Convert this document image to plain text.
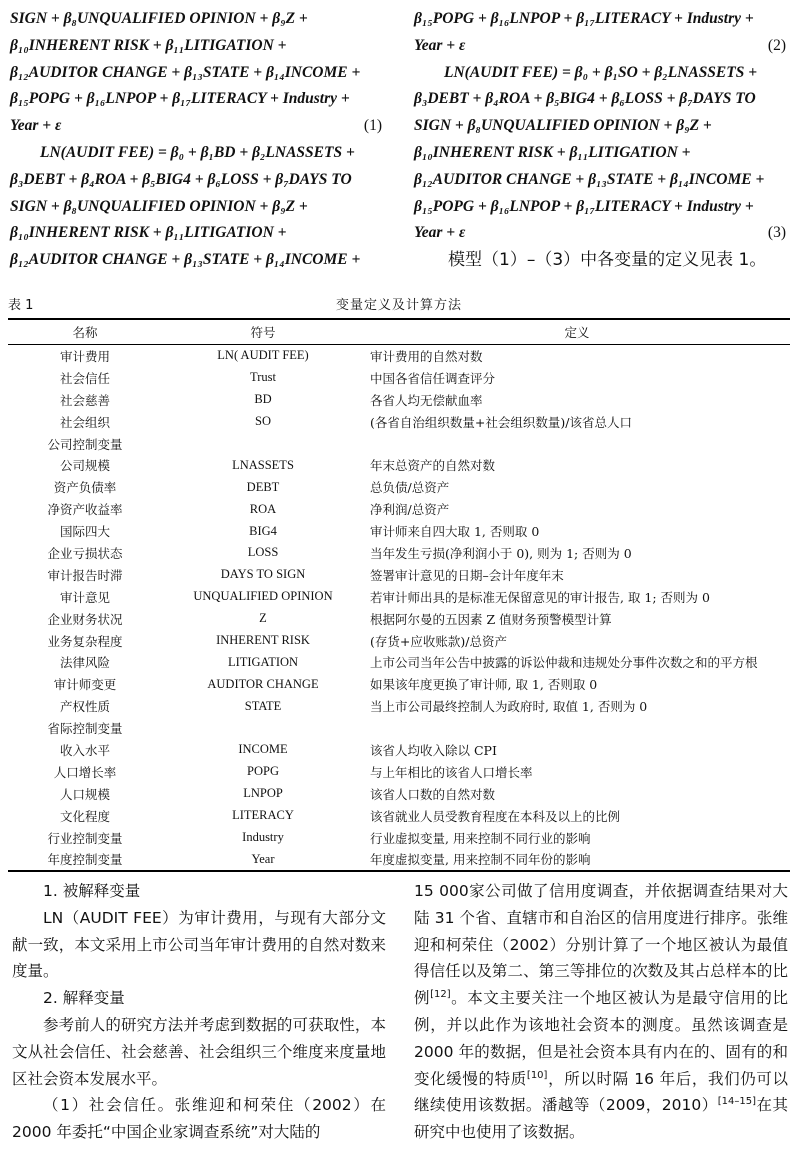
SIGN + β₈UNQUALIFIED OPINION + β₉Z +
β₁₀INHERENT RISK + β₁₁LITIGATION +
β₁₂AUDITOR CHANGE + β₁₃STATE + β₁₄INCOME +
β₁₅POPG + β₁₆LNPOP + β₁₇LITERACY + Industry +
Year + ε	(1)
LN(AUDIT FEE) = β₀ + β₁BD + β₂LNASSETS +
β₃DEBT + β₄ROA + β₅BIG4 + β₆LOSS + β₇DAYS TO
SIGN + β₈UNQUALIFIED OPINION + β₉Z +
β₁₀INHERENT RISK + β₁₁LITIGATION +
β₁₂AUDITOR CHANGE + β₁₃STATE + β₁₄INCOME +
β₁₅POPG + β₁₆LNPOP + β₁₇LITERACY + Industry +
Year + ε	(2)
LN(AUDIT FEE) = β₀ + β₁SO + β₂LNASSETS +
β₃DEBT + β₄ROA + β₅BIG4 + β₆LOSS + β₇DAYS TO
SIGN + β₈UNQUALIFIED OPINION + β₉Z +
β₁₀INHERENT RISK + β₁₁LITIGATION +
β₁₂AUDITOR CHANGE + β₁₃STATE + β₁₄INCOME +
β₁₅POPG + β₁₆LNPOP + β₁₇LITERACY + Industry +
Year + ε	(3)
模型（1）–（3）中各变量的定义见表 1。
表 1	变量定义及计算方法
名称	符号	定义
审计费用	LN( AUDIT FEE)	审计费用的自然对数
社会信任	Trust	中国各省信任调查评分
社会慈善	BD	各省人均无偿献血率
社会组织	SO	(各省自治组织数量+社会组织数量)/该省总人口
公司控制变量		
公司规模	LNASSETS	年末总资产的自然对数
资产负债率	DEBT	总负债/总资产
净资产收益率	ROA	净利润/总资产
国际四大	BIG4	审计师来自四大取 1, 否则取 0
企业亏损状态	LOSS	当年发生亏损(净利润小于 0), 则为 1; 否则为 0
审计报告时滞	DAYS TO SIGN	签署审计意见的日期–会计年度年末
审计意见	UNQUALIFIED OPINION	若审计师出具的是标准无保留意见的审计报告, 取 1; 否则为 0
企业财务状况	Z	根据阿尔曼的五因素 Z 值财务预警模型计算
业务复杂程度	INHERENT RISK	(存货+应收账款)/总资产
法律风险	LITIGATION	上市公司当年公告中披露的诉讼仲裁和违规处分事件次数之和的平方根
审计师变更	AUDITOR CHANGE	如果该年度更换了审计师, 取 1, 否则取 0
产权性质	STATE	当上市公司最终控制人为政府时, 取值 1, 否则为 0
省际控制变量		
收入水平	INCOME	该省人均收入除以 CPI
人口增长率	POPG	与上年相比的该省人口增长率
人口规模	LNPOP	该省人口数的自然对数
文化程度	LITERACY	该省就业人员受教育程度在本科及以上的比例
行业控制变量	Industry	行业虚拟变量, 用来控制不同行业的影响
年度控制变量	Year	年度虚拟变量, 用来控制不同年份的影响

1. 被解释变量

LN（AUDIT FEE）为审计费用，与现有大部分文献一致，本文采用上市公司当年审计费用的自然对数来度量。

2. 解释变量

参考前人的研究方法并考虑到数据的可获取性，本文从社会信任、社会慈善、社会组织三个维度来度量地区社会资本发展水平。

（1）社会信任。张维迎和柯荣住（2002）在 2000 年委托“中国企业家调查系统”对大陆的

15 000家公司做了信用度调查，并依据调查结果对大陆 31 个省、直辖市和自治区的信用度进行排序。张维迎和柯荣住（2002）分别计算了一个地区被认为最值得信任以及第二、第三等排位的次数及其占总样本的比例[12]。本文主要关注一个地区被认为是最守信用的比例，并以此作为该地社会资本的测度。虽然该调查是 2000 年的数据，但是社会资本具有内在的、固有的和变化缓慢的特质[10]，所以时隔 16 年后，我们仍可以继续使用该数据。潘越等（2009，2010）[14–15]在其研究中也使用了该数据。
